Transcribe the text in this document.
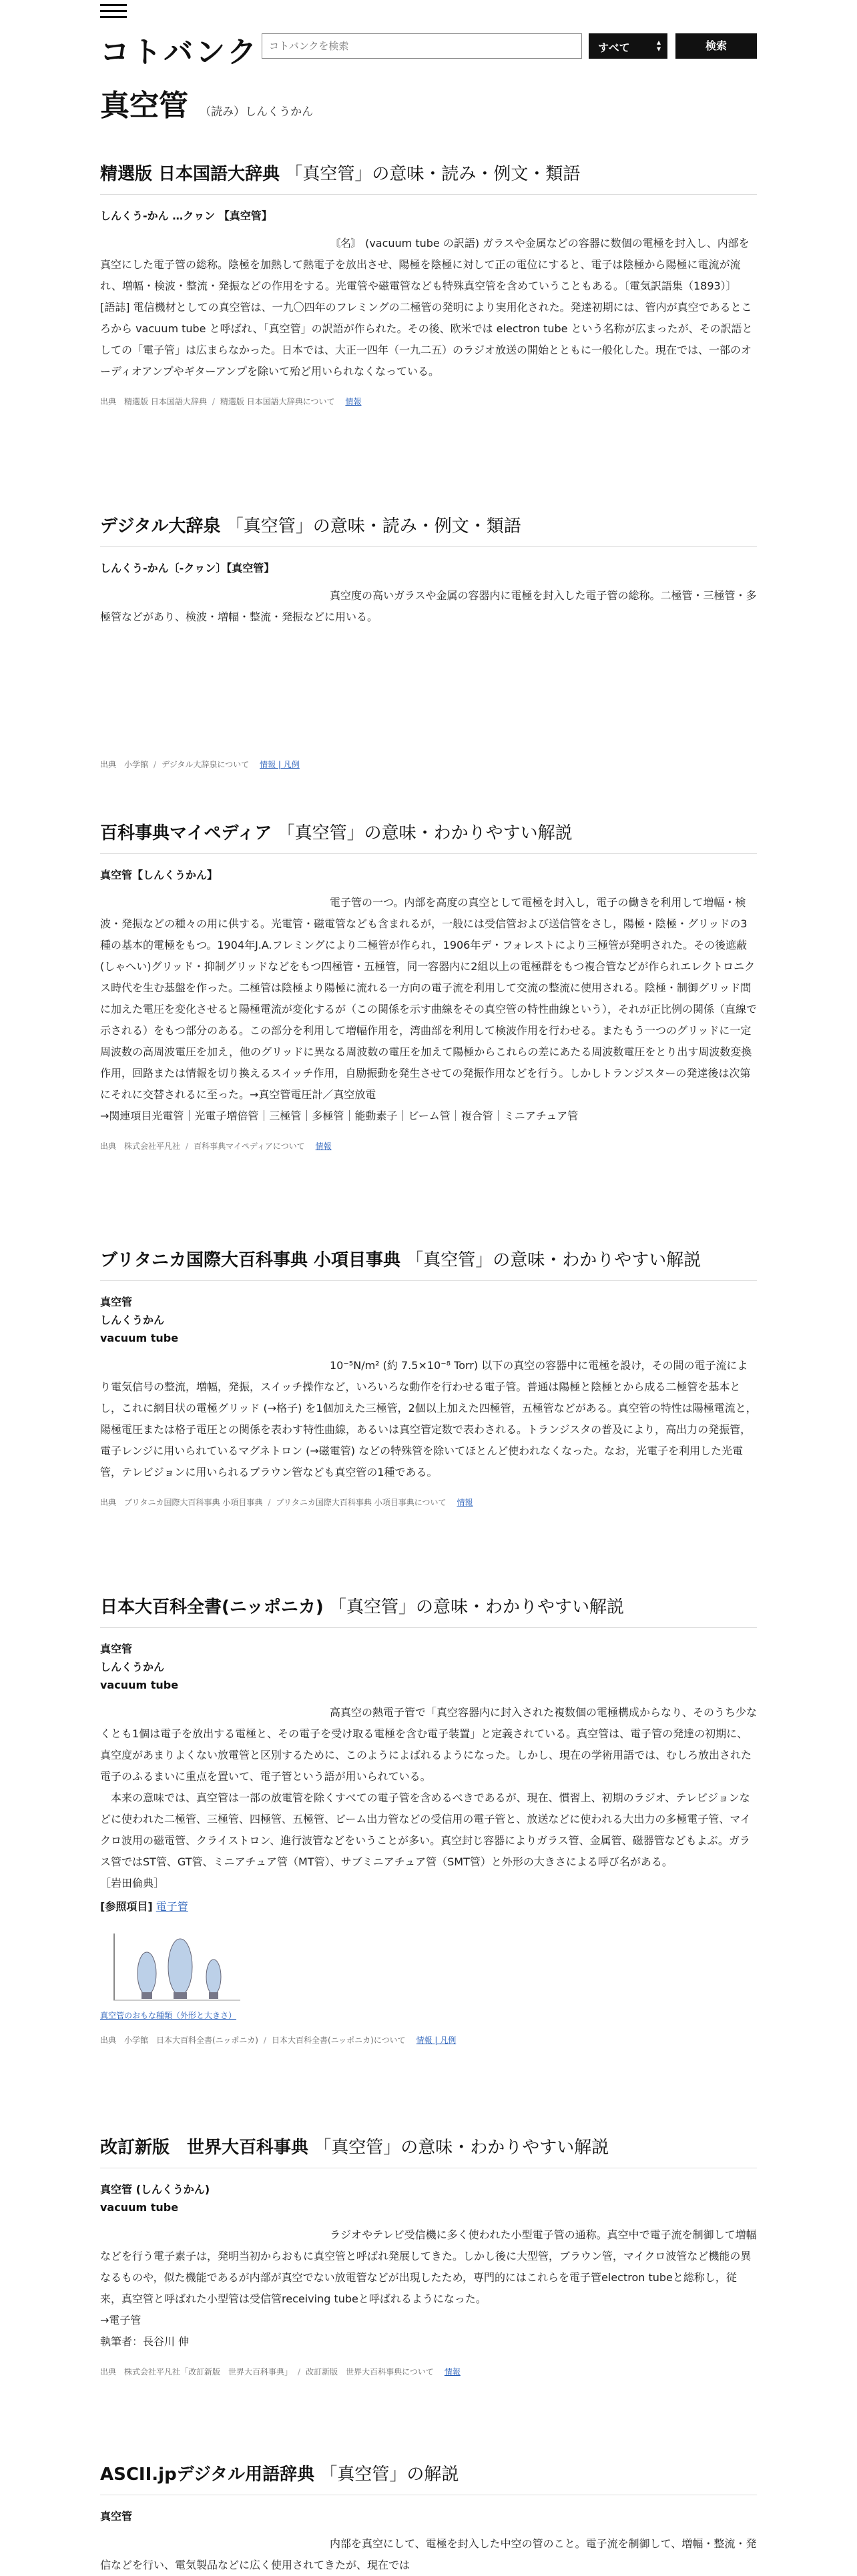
コトバンク
コトバンクを検索	すべて	▴
▾	検索
真空管 （読み）しんくうかん
精選版 日本国語大辞典 「真空管」の意味・読み・例文・類語
しんくう‐かん …クヮン 【真空管】
〘名〙 (vacuum tube の訳語) ガラスや金属などの容器に数個の電極を封入し、内部を真空にした電子管の総称。陰極を加熱して熱電子を放出させ、陽極を陰極に対して正の電位にすると、電子は陰極から陽極に電流が流れ、増幅・検波・整流・発振などの作用をする。光電管や磁電管なども特殊真空管を含めていうこともある。〔電気訳語集（1893）〕
[語誌] 電信機材としての真空管は、一九〇四年のフレミングの二極管の発明により実用化された。発達初期には、管内が真空であるところから vacuum tube と呼ばれ、「真空管」の訳語が作られた。その後、欧米では electron tube という名称が広まったが、その訳語としての「電子管」は広まらなかった。日本では、大正一四年（一九二五）のラジオ放送の開始とともに一般化した。現在では、一部のオーディオアンプやギターアンプを除いて殆ど用いられなくなっている。
出典　精選版 日本国語大辞典 / 精選版 日本国語大辞典について 情報
デジタル大辞泉 「真空管」の意味・読み・例文・類語
しんくう‐かん〔‐クヮン〕【真空管】
真空度の高いガラスや金属の容器内に電極を封入した電子管の総称。二極管・三極管・多極管などがあり、検波・増幅・整流・発振などに用いる。
出典　小学館 / デジタル大辞泉について 情報 | 凡例
百科事典マイペディア 「真空管」の意味・わかりやすい解説
真空管【しんくうかん】
電子管の一つ。内部を高度の真空として電極を封入し，電子の働きを利用して増幅・検波・発振などの種々の用に供する。光電管・磁電管なども含まれるが，一般には受信管および送信管をさし，陽極・陰極・グリッドの3種の基本的電極をもつ。1904年J.A.フレミングにより二極管が作られ，1906年デ・フォレストにより三極管が発明された。その後遮蔽(しゃへい)グリッド・抑制グリッドなどをもつ四極管・五極管，同一容器内に2組以上の電極群をもつ複合管などが作られエレクトロニクス時代を生む基盤を作った。二極管は陰極より陽極に流れる一方向の電子流を利用して交流の整流に使用される。陰極・制御グリッド間に加えた電圧を変化させると陽極電流が変化するが（この関係を示す曲線をその真空管の特性曲線という），それが正比例の関係（直線で示される）をもつ部分のある。この部分を利用して増幅作用を，湾曲部を利用して検波作用を行わせる。またもう一つのグリッドに一定周波数の高周波電圧を加え，他のグリッドに異なる周波数の電圧を加えて陽極からこれらの差にあたる周波数電圧をとり出す周波数変換作用，回路または情報を切り換えるスイッチ作用，自励振動を発生させての発振作用などを行う。しかしトランジスターの発達後は次第にそれに交替されるに至った。→真空管電圧計／真空放電
→関連項目光電管｜光電子増倍管｜三極管｜多極管｜能動素子｜ビーム管｜複合管｜ミニアチュア管
出典　株式会社平凡社 / 百科事典マイペディアについて 情報
ブリタニカ国際大百科事典 小項目事典 「真空管」の意味・わかりやすい解説
真空管
しんくうかん
vacuum tube
10⁻⁵N/m² (約 7.5×10⁻⁸ Torr) 以下の真空の容器中に電極を設け，その間の電子流により電気信号の整流，増幅，発振，スイッチ操作など，いろいろな動作を行わせる電子管。普通は陽極と陰極とから成る二極管を基本とし，これに網目状の電極グリッド (→格子) を1個加えた三極管，2個以上加えた四極管，五極管などがある。真空管の特性は陽極電流と，陽極電圧または格子電圧との関係を表わす特性曲線，あるいは真空管定数で表わされる。トランジスタの普及により，高出力の発振管，電子レンジに用いられているマグネトロン (→磁電管) などの特殊管を除いてほとんど使われなくなった。なお，光電子を利用した光電管，テレビジョンに用いられるブラウン管なども真空管の1種である。
出典　ブリタニカ国際大百科事典 小項目事典 / ブリタニカ国際大百科事典 小項目事典について 情報
日本大百科全書(ニッポニカ) 「真空管」の意味・わかりやすい解説
真空管
しんくうかん
vacuum tube
高真空の熱電子管で「真空容器内に封入された複数個の電極構成からなり、そのうち少なくとも1個は電子を放出する電極と、その電子を受け取る電極を含む電子装置」と定義されている。真空管は、電子管の発達の初期に、真空度があまりよくない放電管と区別するために、このようによばれるようになった。しかし、現在の学術用語では、むしろ放出された電子のふるまいに重点を置いて、電子管という語が用いられている。
　本来の意味では、真空管は一部の放電管を除くすべての電子管を含めるべきであるが、現在、慣習上、初期のラジオ、テレビジョンなどに使われた二極管、三極管、四極管、五極管、ビーム出力管などの受信用の電子管と、放送などに使われる大出力の多極電子管、マイクロ波用の磁電管、クライストロン、進行波管などをいうことが多い。真空封じ容器によりガラス管、金属管、磁器管などもよぶ。ガラス管ではST管、GT管、ミニアチュア管（MT管）、サブミニアチュア管（SMT管）と外形の大きさによる呼び名がある。
［岩田倫典］
[参照項目] 電子管
真空管のおもな種類（外形と大きさ）
出典　小学館　日本大百科全書(ニッポニカ) / 日本大百科全書(ニッポニカ)について 情報 | 凡例
改訂新版　世界大百科事典 「真空管」の意味・わかりやすい解説
真空管 (しんくうかん)
vacuum tube
ラジオやテレビ受信機に多く使われた小型電子管の通称。真空中で電子流を制御して増幅などを行う電子素子は，発明当初からおもに真空管と呼ばれ発展してきた。しかし後に大型管，ブラウン管，マイクロ波管など機能の異なるものや，似た機能であるが内部が真空でない放電管などが出現したため，専門的にはこれらを電子管electron tubeと総称し，従来，真空管と呼ばれた小型管は受信管receiving tubeと呼ばれるようになった。
→電子管
執筆者：長谷川 伸
出典　株式会社平凡社「改訂新版　世界大百科事典」 / 改訂新版　世界大百科事典について 情報
ASCII.jpデジタル用語辞典 「真空管」の解説
真空管
内部を真空にして、電極を封入した中空の管のこと。電子流を制御して、増幅・整流・発信などを行い、電気製品などに広く使用されてきたが、現在では
